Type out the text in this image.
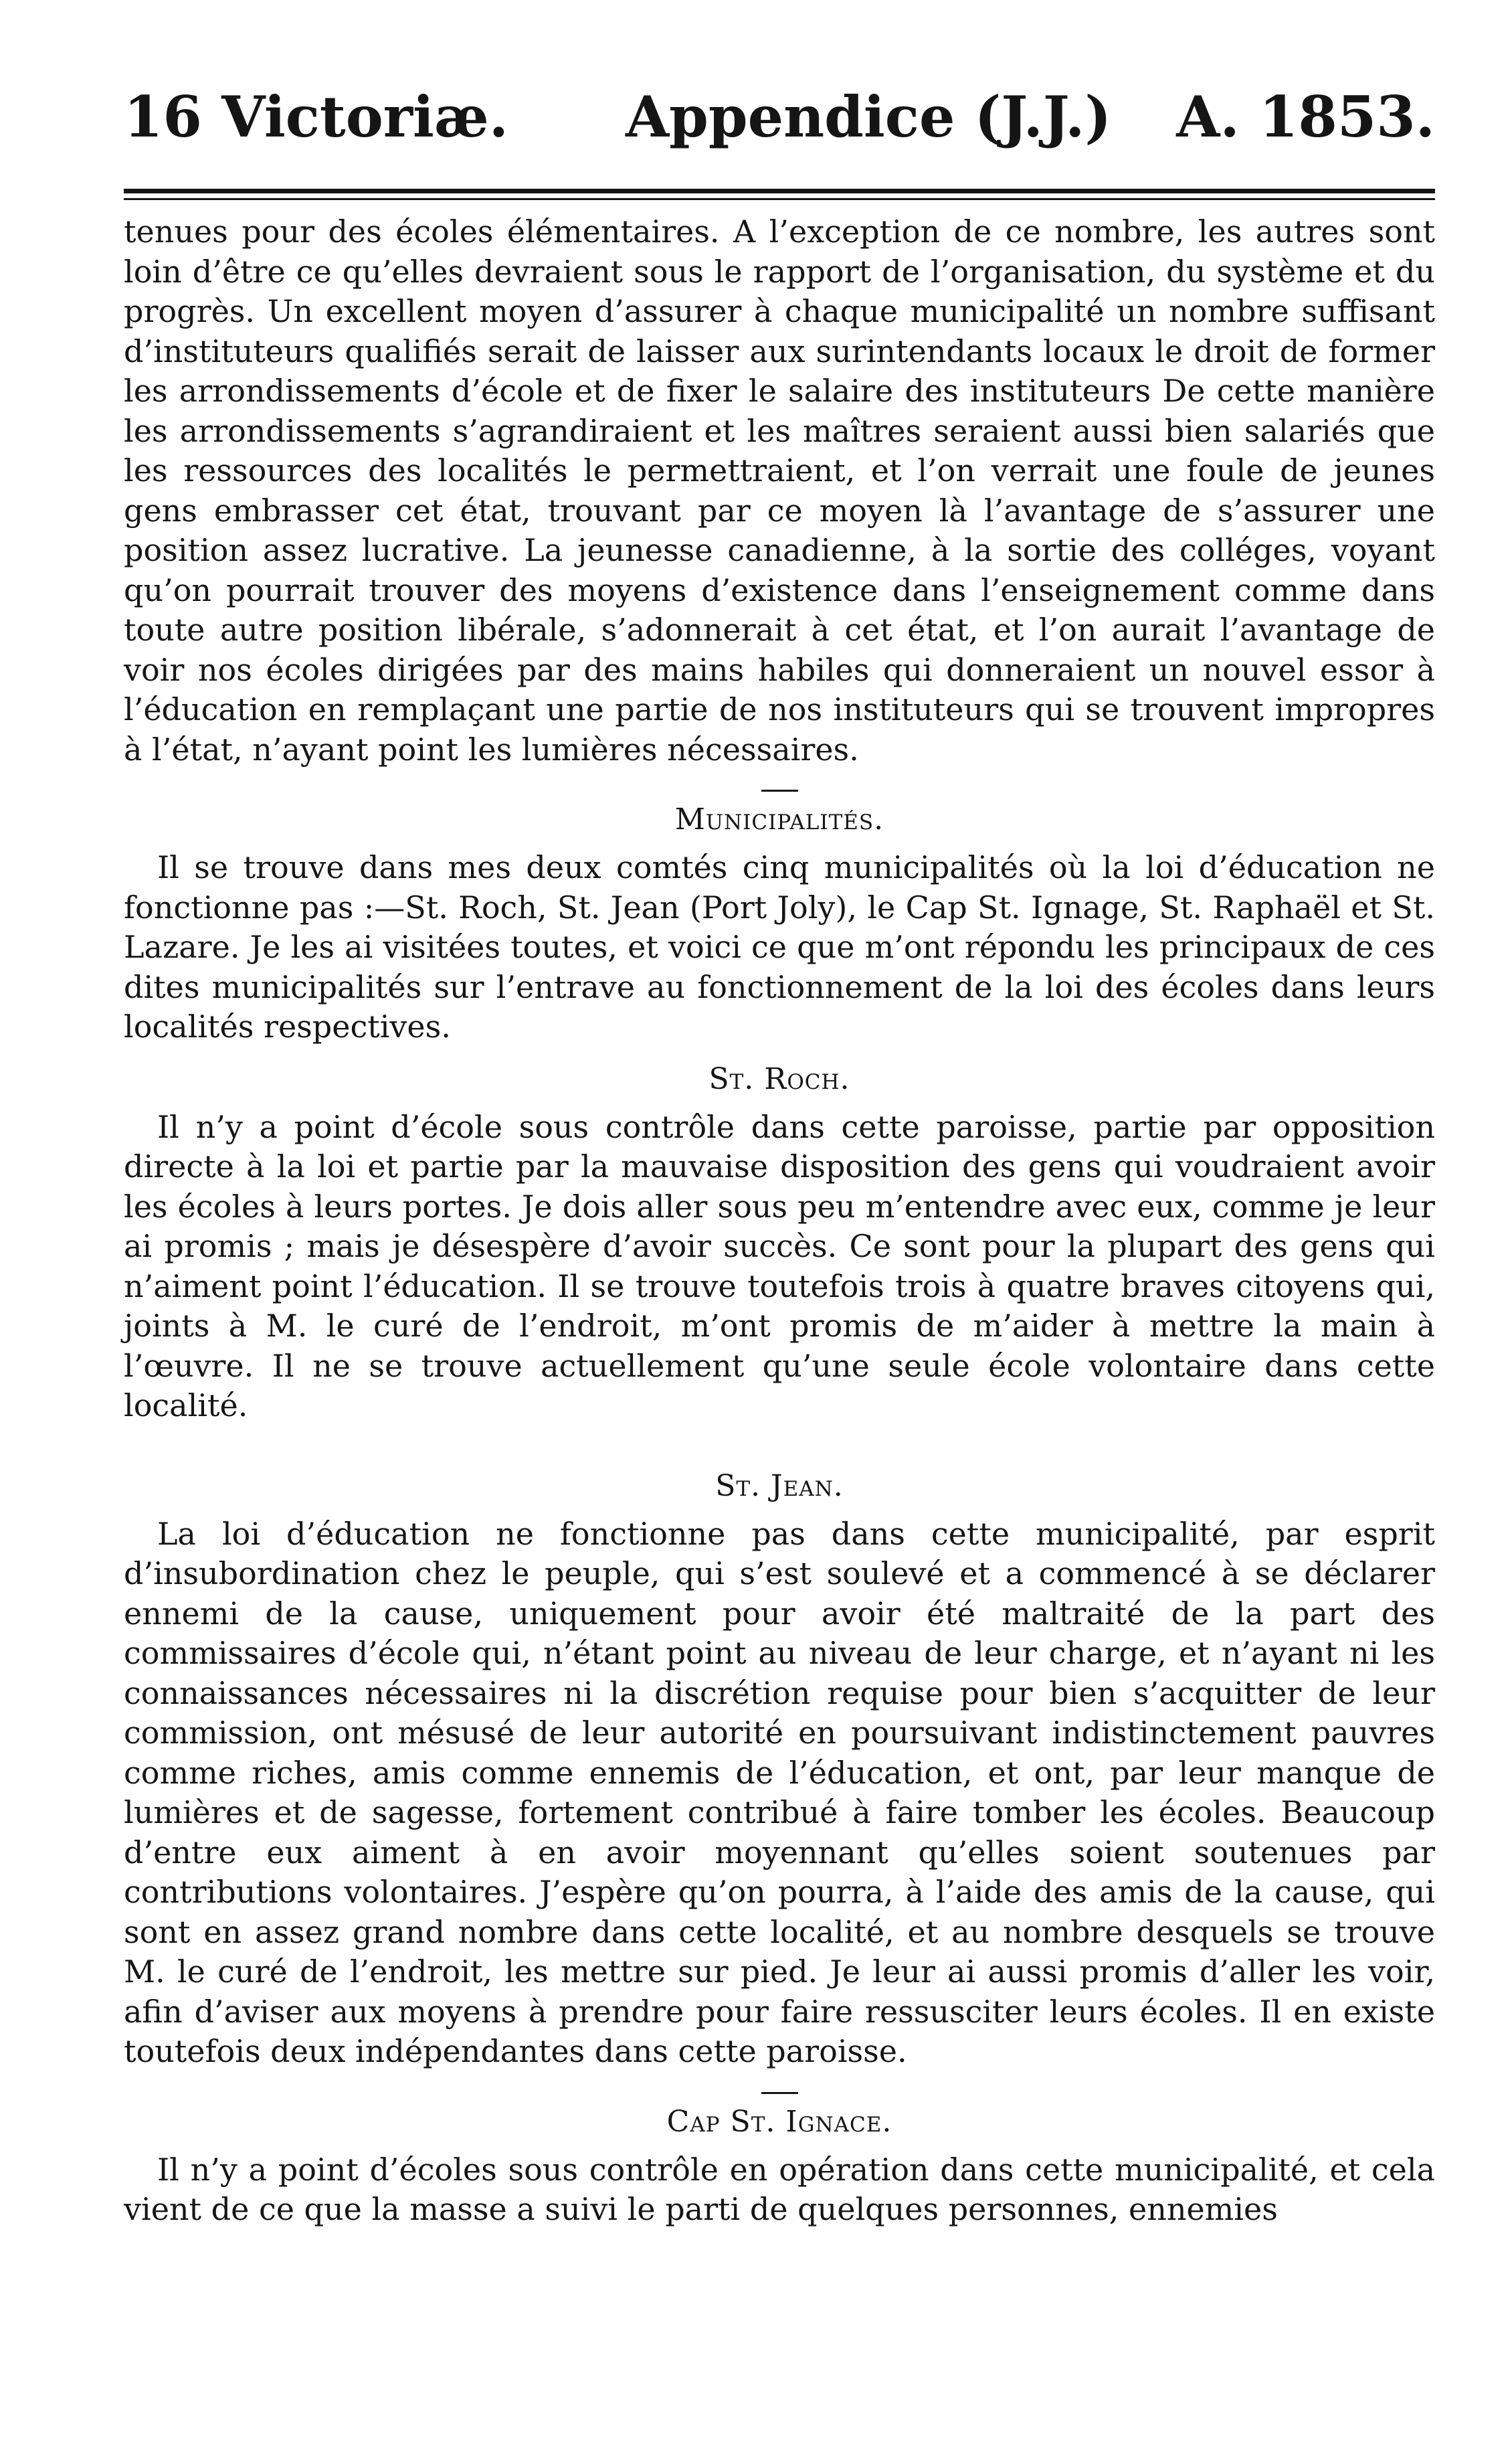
16 Victoriæ. Appendice (J.J.) A. 1853.

tenues pour des écoles élémentaires. A l’exception de ce nombre, les autres sont loin d’être ce qu’elles devraient sous le rapport de l’organisation, du système et du progrès. Un excellent moyen d’assurer à chaque municipalité un nombre suffisant d’instituteurs qualifiés serait de laisser aux surintendants locaux le droit de former les arrondissements d’école et de fixer le salaire des instituteurs De cette manière les arrondissements s’agrandiraient et les maîtres seraient aussi bien salariés que les ressources des localités le permettraient, et l’on verrait une foule de jeunes gens embrasser cet état, trouvant par ce moyen là l’avantage de s’assurer une position assez lucrative. La jeunesse canadienne, à la sortie des colléges, voyant qu’on pourrait trouver des moyens d’existence dans l’enseignement comme dans toute autre position libérale, s’adonnerait à cet état, et l’on aurait l’avantage de voir nos écoles dirigées par des mains habiles qui donneraient un nouvel essor à l’éducation en remplaçant une partie de nos instituteurs qui se trouvent impropres à l’état, n’ayant point les lumières nécessaires.

Municipalités.

Il se trouve dans mes deux comtés cinq municipalités où la loi d’éducation ne fonctionne pas :—St. Roch, St. Jean (Port Joly), le Cap St. Ignage, St. Raphaël et St. Lazare. Je les ai visitées toutes, et voici ce que m’ont répondu les principaux de ces dites municipalités sur l’entrave au fonctionnement de la loi des écoles dans leurs localités respectives.

St. Roch.

Il n’y a point d’école sous contrôle dans cette paroisse, partie par opposition directe à la loi et partie par la mauvaise disposition des gens qui voudraient avoir les écoles à leurs portes. Je dois aller sous peu m’entendre avec eux, comme je leur ai promis ; mais je désespère d’avoir succès. Ce sont pour la plupart des gens qui n’aiment point l’éducation. Il se trouve toutefois trois à quatre braves citoyens qui, joints à M. le curé de l’endroit, m’ont promis de m’aider à mettre la main à l’œuvre. Il ne se trouve actuellement qu’une seule école volontaire dans cette localité.

St. Jean.

La loi d’éducation ne fonctionne pas dans cette municipalité, par esprit d’insubordination chez le peuple, qui s’est soulevé et a commencé à se déclarer ennemi de la cause, uniquement pour avoir été maltraité de la part des commissaires d’école qui, n’étant point au niveau de leur charge, et n’ayant ni les connaissances nécessaires ni la discrétion requise pour bien s’acquitter de leur commission, ont mésusé de leur autorité en poursuivant indistinctement pauvres comme riches, amis comme ennemis de l’éducation, et ont, par leur manque de lumières et de sagesse, fortement contribué à faire tomber les écoles. Beaucoup d’entre eux aiment à en avoir moyennant qu’elles soient soutenues par contributions volontaires. J’espère qu’on pourra, à l’aide des amis de la cause, qui sont en assez grand nombre dans cette localité, et au nombre desquels se trouve M. le curé de l’endroit, les mettre sur pied. Je leur ai aussi promis d’aller les voir, afin d’aviser aux moyens à prendre pour faire ressusciter leurs écoles. Il en existe toutefois deux indépendantes dans cette paroisse.

Cap St. Ignace.

Il n’y a point d’écoles sous contrôle en opération dans cette municipalité, et cela vient de ce que la masse a suivi le parti de quelques personnes, ennemies
